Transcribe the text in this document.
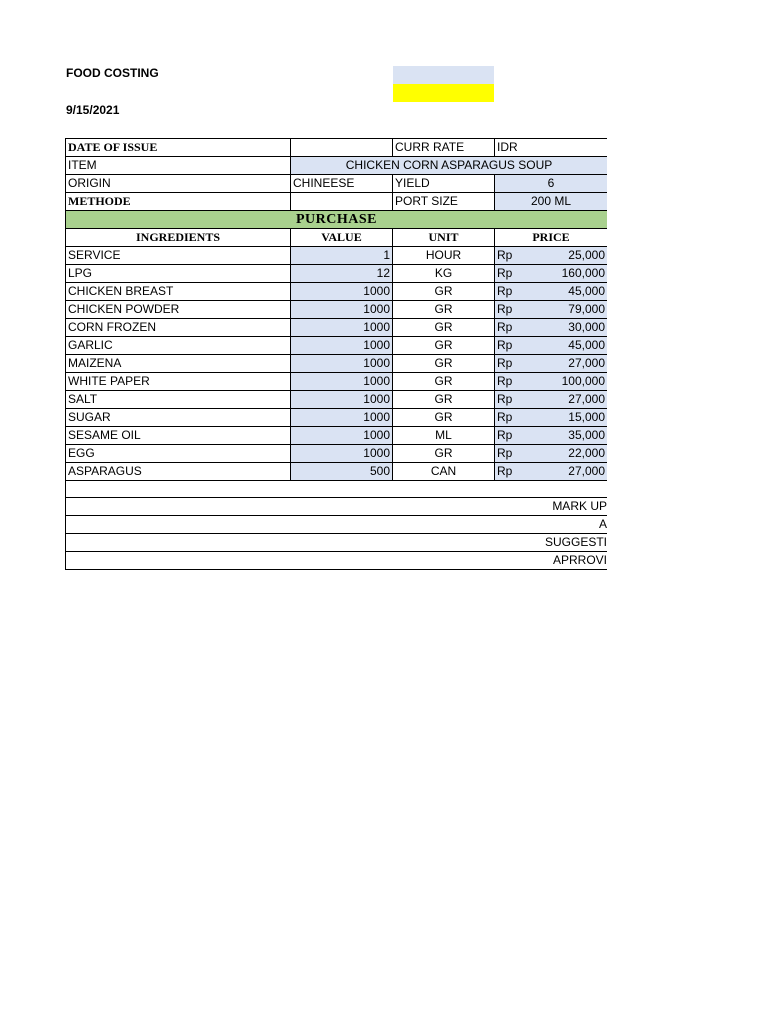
FOOD COSTING
9/15/2021
DATE OF ISSUE		CURR RATE	IDR
ITEM	CHICKEN CORN ASPARAGUS SOUP		
ORIGIN	CHINEESE	YIELD	6
METHODE		PORT SIZE	200 ML
PURCHASE			
INGREDIENTS	VALUE	UNIT	PRICE
SERVICE	1	HOUR	Rp 25,000

LPG	12	KG	Rp 160,000

CHICKEN BREAST	1000	GR	Rp 45,000

CHICKEN POWDER	1000	GR	Rp 79,000

CORN FROZEN	1000	GR	Rp 30,000

GARLIC	1000	GR	Rp 45,000

MAIZENA	1000	GR	Rp 27,000

WHITE PAPER	1000	GR	Rp 100,000

SALT	1000	GR	Rp 27,000

SUGAR	1000	GR	Rp 15,000

SESAME OIL	1000	ML	Rp 35,000

EGG	1000	GR	Rp 22,000

ASPARAGUS	500	CAN	Rp 27,000

MARK UP			
A			
SUGGESTI			
APRROVI			
